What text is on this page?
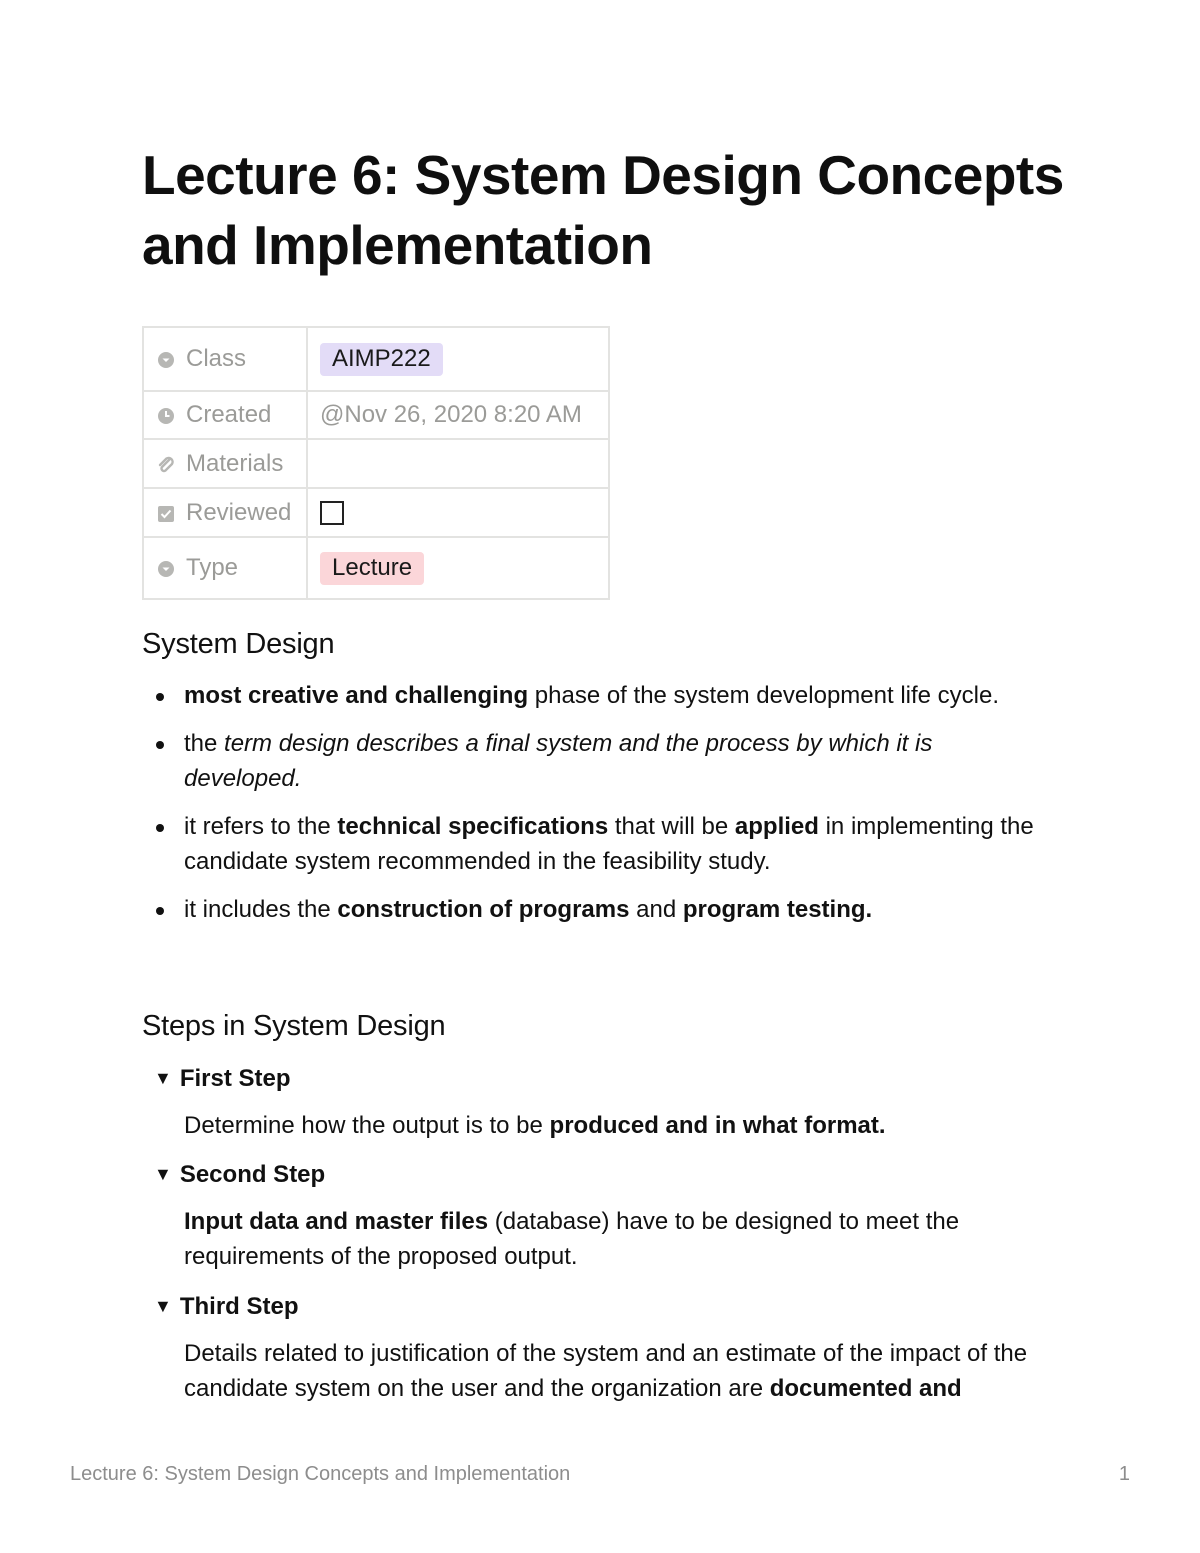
Lecture 6: System Design Concepts and Implementation
Class	AIMP222
Created	@Nov 26, 2020 8:20 AM
Materials	
Reviewed	
Type	Lecture
System Design
most creative and challenging phase of the system development life cycle.
the term design describes a final system and the process by which it is developed.
it refers to the technical specifications that will be applied in implementing the candidate system recommended in the feasibility study.
it includes the construction of programs and program testing.
Steps in System Design
▼ First Step
Determine how the output is to be produced and in what format.
▼ Second Step
Input data and master files (database) have to be designed to meet the requirements of the proposed output.
▼ Third Step
Details related to justification of the system and an estimate of the impact of the candidate system on the user and the organization are documented and
Lecture 6: System Design Concepts and Implementation	1
